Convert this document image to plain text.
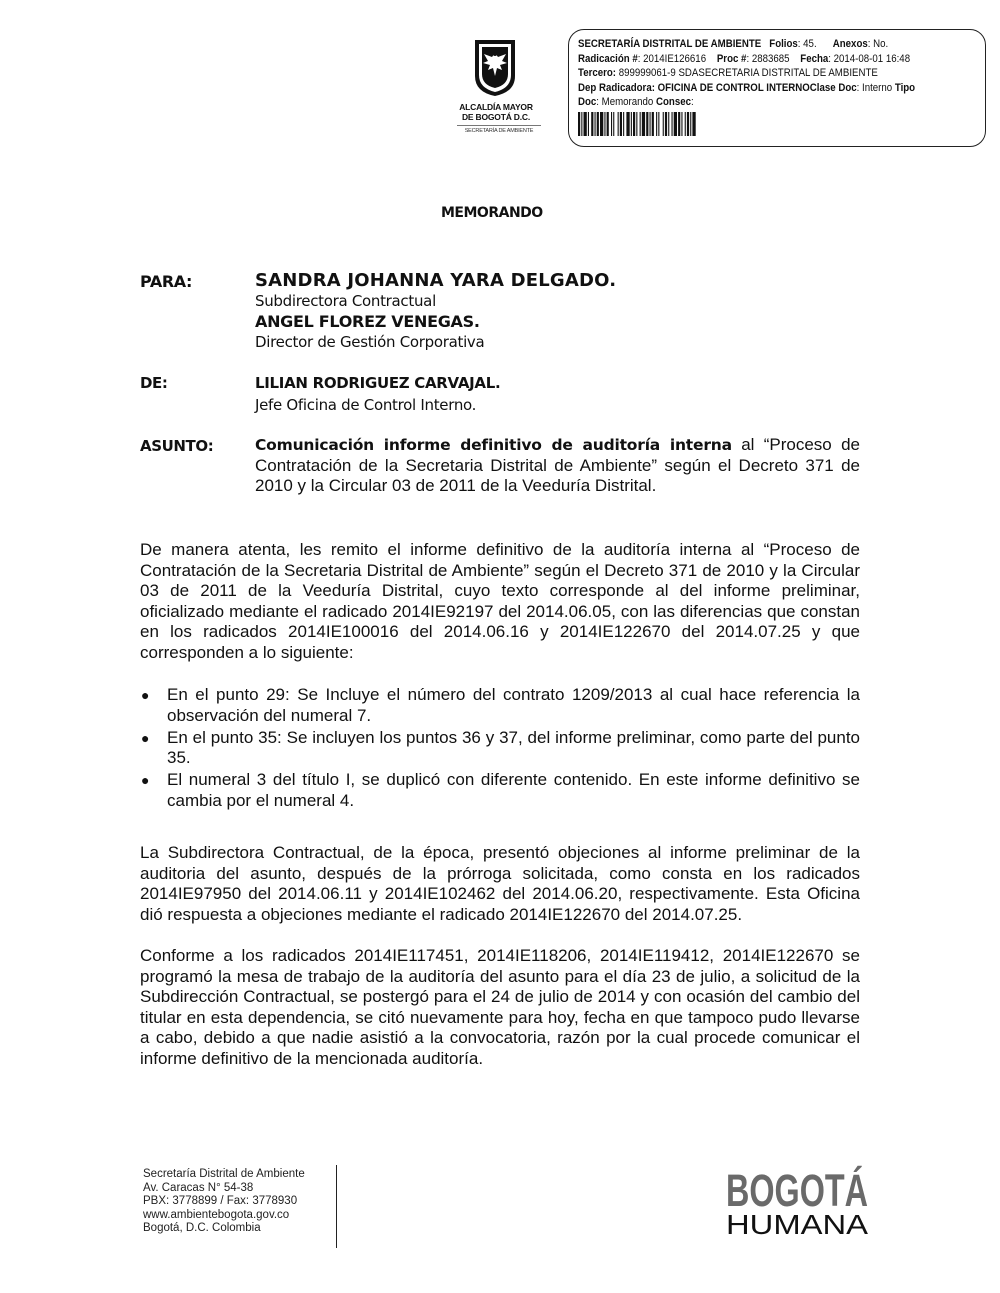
ALCALDÍA MAYOR
DE BOGOTÁ D.C.
SECRETARÍA DE AMBIENTE
SECRETARÍA DISTRITAL DE AMBIENTE Folios: 45. Anexos: No.
Radicación #: 2014IE126616 Proc #: 2883685 Fecha: 2014-08-01 16:48
Tercero: 899999061-9 SDASECRETARIA DISTRITAL DE AMBIENTE
Dep Radicadora: OFICINA DE CONTROL INTERNOClase Doc: Interno Tipo
Doc: Memorando Consec:
MEMORANDO
PARA:	SANDRA JOHANNA YARA DELGADO.
Subdirectora Contractual
ANGEL FLOREZ VENEGAS.
Director de Gestión Corporativa
DE:	LILIAN RODRIGUEZ CARVAJAL.
Jefe Oficina de Control Interno.
ASUNTO:	Comunicación informe definitivo de auditoría interna al “Proceso de Contratación de la Secretaria Distrital de Ambiente” según el Decreto 371 de 2010 y la Circular 03 de 2011 de la Veeduría Distrital.
De manera atenta, les remito el informe definitivo de la auditoría interna al “Proceso de Contratación de la Secretaria Distrital de Ambiente” según el Decreto 371 de 2010 y la Circular 03 de 2011 de la Veeduría Distrital, cuyo texto corresponde al del informe preliminar, oficializado mediante el radicado 2014IE92197 del 2014.06.05, con las diferencias que constan en los radicados 2014IE100016 del 2014.06.16 y 2014IE122670 del 2014.07.25 y que corresponden a lo siguiente:
● En el punto 29: Se Incluye el número del contrato 1209/2013 al cual hace referencia la observación del numeral 7.
● En el punto 35: Se incluyen los puntos 36 y 37, del informe preliminar, como parte del punto 35.
● El numeral 3 del título I, se duplicó con diferente contenido. En este informe definitivo se cambia por el numeral 4.
La Subdirectora Contractual, de la época, presentó objeciones al informe preliminar de la auditoria del asunto, después de la prórroga solicitada, como consta en los radicados 2014IE97950 del 2014.06.11 y 2014IE102462 del 2014.06.20, respectivamente. Esta Oficina dió respuesta a objeciones mediante el radicado 2014IE122670 del 2014.07.25.
Conforme a los radicados 2014IE117451, 2014IE118206, 2014IE119412, 2014IE122670 se programó la mesa de trabajo de la auditoría del asunto para el día 23 de julio, a solicitud de la Subdirección Contractual, se postergó para el 24 de julio de 2014 y con ocasión del cambio del titular en esta dependencia, se citó nuevamente para hoy, fecha en que tampoco pudo llevarse a cabo, debido a que nadie asistió a la convocatoria, razón por la cual procede comunicar el informe definitivo de la mencionada auditoría.
Secretaría Distrital de Ambiente
Av. Caracas N° 54-38
PBX: 3778899 / Fax: 3778930
www.ambientebogota.gov.co
Bogotá, D.C. Colombia
BOGOTÁ
HUMANA
